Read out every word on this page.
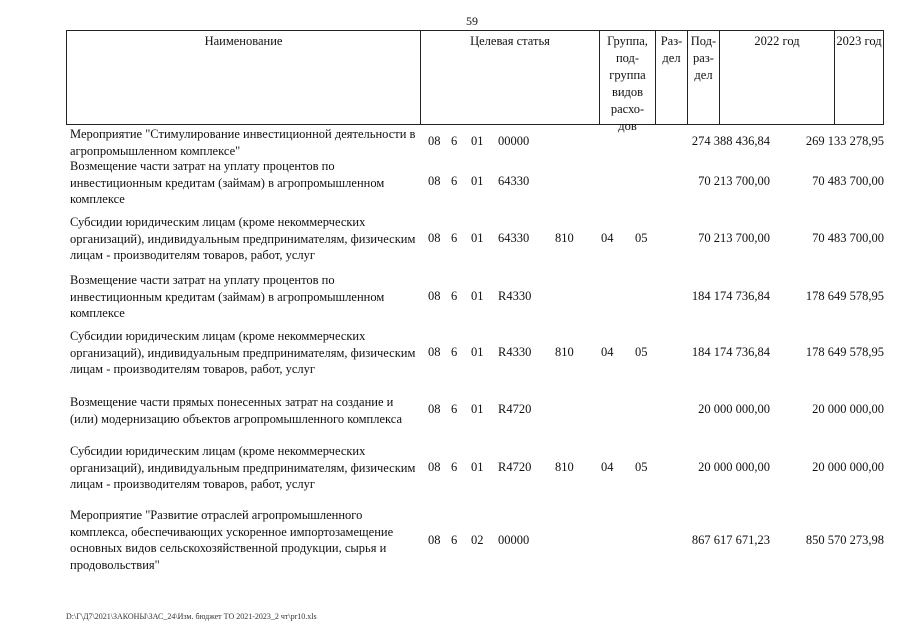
59
Наименование	Целевая статья	Группа,
под-
группа
видов
расхо-
дов
Раз-
дел
Под-
раз-
дел
2022 год	2023 год
Мероприятие "Стимулирование инвестиционной деятельности в агропромышленном комплексе"
08 6 01 00000	274 388 436,84	269 133 278,95
Возмещение части затрат на уплату процентов по инвестиционным кредитам (займам) в агропромышленном комплексе
08 6 01 64330	70 213 700,00	70 483 700,00
Субсидии юридическим лицам (кроме некоммерческих организаций), индивидуальным предпринимателям, физическим лицам - производителям товаров, работ, услуг
08 6 01 64330 810 04 05	70 213 700,00	70 483 700,00
Возмещение части затрат на уплату процентов по инвестиционным кредитам (займам) в агропромышленном комплексе
08 6 01 R4330	184 174 736,84	178 649 578,95
Субсидии юридическим лицам (кроме некоммерческих организаций), индивидуальным предпринимателям, физическим лицам - производителям товаров, работ, услуг
08 6 01 R4330 810 04 05	184 174 736,84	178 649 578,95
Возмещение части прямых понесенных затрат на создание и (или) модернизацию объектов агропромышленного комплекса
08 6 01 R4720	20 000 000,00	20 000 000,00
Субсидии юридическим лицам (кроме некоммерческих организаций), индивидуальным предпринимателям, физическим лицам - производителям товаров, работ, услуг
08 6 01 R4720 810 04 05	20 000 000,00	20 000 000,00
Мероприятие "Развитие отраслей агропромышленного комплекса, обеспечивающих ускоренное импортозамещение основных видов сельскохозяйственной продукции, сырья и продовольствия"
08 6 02 00000	867 617 671,23	850 570 273,98
D:\Г\Д7\2021\ЗАКОНЫ\ЗАС_24\Изм. бюджет ТО 2021-2023_2 чт\pr10.xls
